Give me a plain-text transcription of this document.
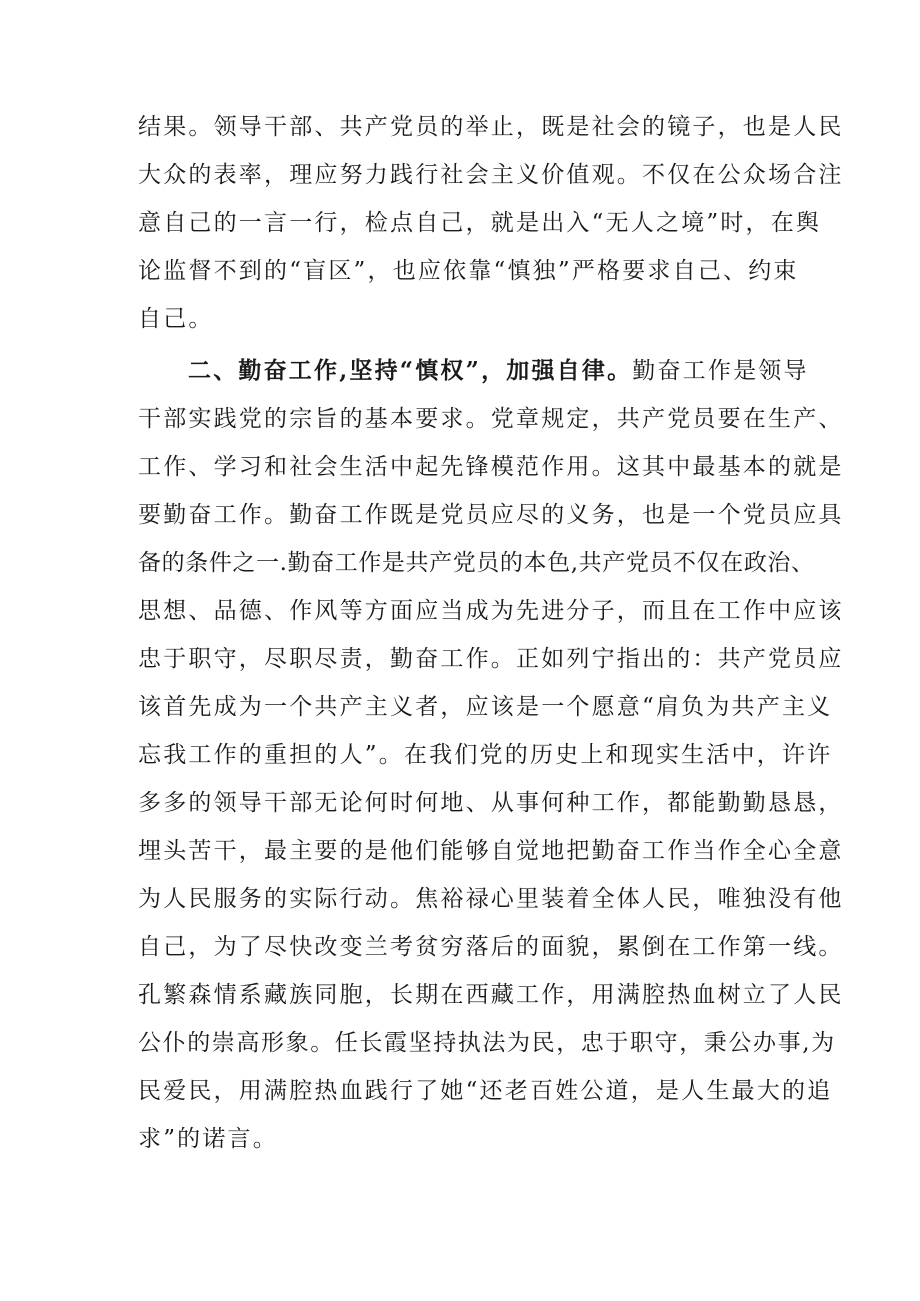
结果。领导干部、共产党员的举止，既是社会的镜子，也是人民
大众的表率，理应努力践行社会主义价值观。不仅在公众场合注
意自己的一言一行，检点自己，就是出入“无人之境”时，在舆
论监督不到的“盲区”，也应依靠“慎独”严格要求自己、约束
自己。
二、勤奋工作,坚持“慎权”，加强自律。勤奋工作是领导
干部实践党的宗旨的基本要求。党章规定，共产党员要在生产、
工作、学习和社会生活中起先锋模范作用。这其中最基本的就是
要勤奋工作。勤奋工作既是党员应尽的义务，也是一个党员应具
备的条件之一.勤奋工作是共产党员的本色,共产党员不仅在政治、
思想、品德、作风等方面应当成为先进分子，而且在工作中应该
忠于职守，尽职尽责，勤奋工作。正如列宁指出的：共产党员应
该首先成为一个共产主义者，应该是一个愿意“肩负为共产主义
忘我工作的重担的人”。在我们党的历史上和现实生活中，许许
多多的领导干部无论何时何地、从事何种工作，都能勤勤恳恳，
埋头苦干，最主要的是他们能够自觉地把勤奋工作当作全心全意
为人民服务的实际行动。焦裕禄心里装着全体人民，唯独没有他
自己，为了尽快改变兰考贫穷落后的面貌，累倒在工作第一线。
孔繁森情系藏族同胞，长期在西藏工作，用满腔热血树立了人民
公仆的崇高形象。任长霞坚持执法为民，忠于职守，秉公办事,为
民爱民，用满腔热血践行了她“还老百姓公道，是人生最大的追
求”的诺言。
